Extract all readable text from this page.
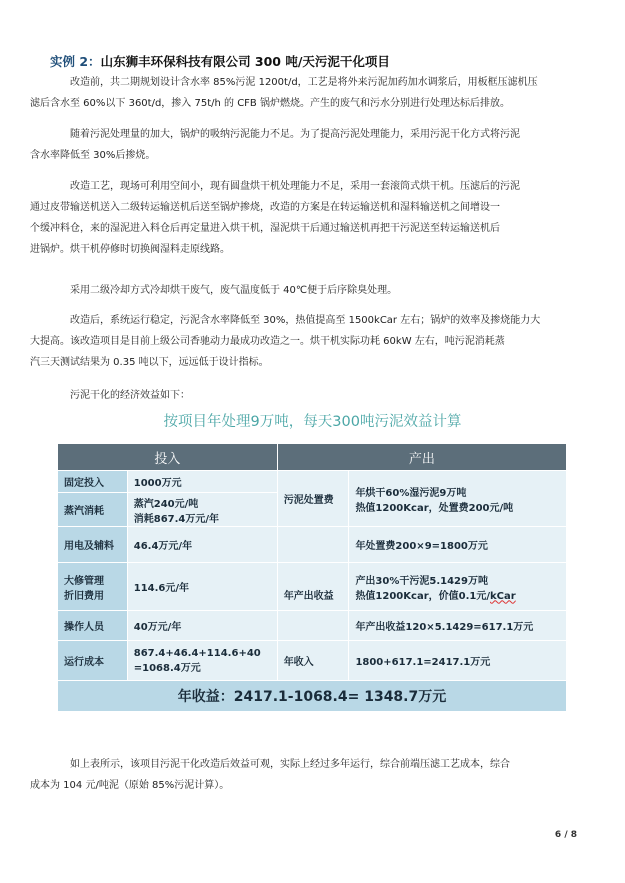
实例 2：山东狮丰环保科技有限公司 300 吨/天污泥干化项目
改造前，共二期规划设计含水率 85%污泥 1200t/d，工艺是将外来污泥加药加水调浆后，用板框压滤机压
滤后含水至 60%以下 360t/d，掺入 75t/h 的 CFB 锅炉燃烧。产生的废气和污水分别进行处理达标后排放。
随着污泥处理量的加大，锅炉的吸纳污泥能力不足。为了提高污泥处理能力，采用污泥干化方式将污泥
含水率降低至 30%后掺烧。
改造工艺，现场可利用空间小，现有圆盘烘干机处理能力不足，采用一套滚筒式烘干机。压滤后的污泥
通过皮带输送机送入二级转运输送机后送至锅炉掺烧，改造的方案是在转运输送机和湿料输送机之间增设一
个缓冲料仓，来的湿泥进入料仓后再定量进入烘干机，湿泥烘干后通过输送机再把干污泥送至转运输送机后
进锅炉。烘干机停修时切换阀湿料走原线路。
采用二级冷却方式冷却烘干废气，废气温度低于 40℃便于后序除臭处理。
改造后，系统运行稳定，污泥含水率降低至 30%，热值提高至 1500kCar 左右；锅炉的效率及掺烧能力大
大提高。该改造项目是目前上级公司香驰动力最成功改造之一。烘干机实际功耗 60kW 左右，吨污泥消耗蒸
汽三天测试结果为 0.35 吨以下，远远低于设计指标。
污泥干化的经济效益如下：
按项目年处理9万吨，每天300吨污泥效益计算
投入		产出	
固定投入	1000万元	污泥处置费	年烘干60%湿污泥9万吨
热值1200Kcar，处置费200元/吨
蒸汽消耗	蒸汽240元/吨
消耗867.4万元/年		
用电及辅料	46.4万元/年		年处置费200×9=1800万元
大修管理
折旧费用	114.6元/年	年产出收益	产出30%干污泥5.1429万吨
热值1200Kcar，价值0.1元/kCar
操作人员	40万元/年		年产出收益120×5.1429=617.1万元
运行成本	867.4+46.4+114.6+40
=1068.4万元	年收入	1800+617.1=2417.1万元
年收益：2417.1-1068.4= 1348.7万元			
如上表所示，该项目污泥干化改造后效益可观，实际上经过多年运行，综合前端压滤工艺成本，综合
成本为 104 元/吨泥（原始 85%污泥计算）。
6 / 8
